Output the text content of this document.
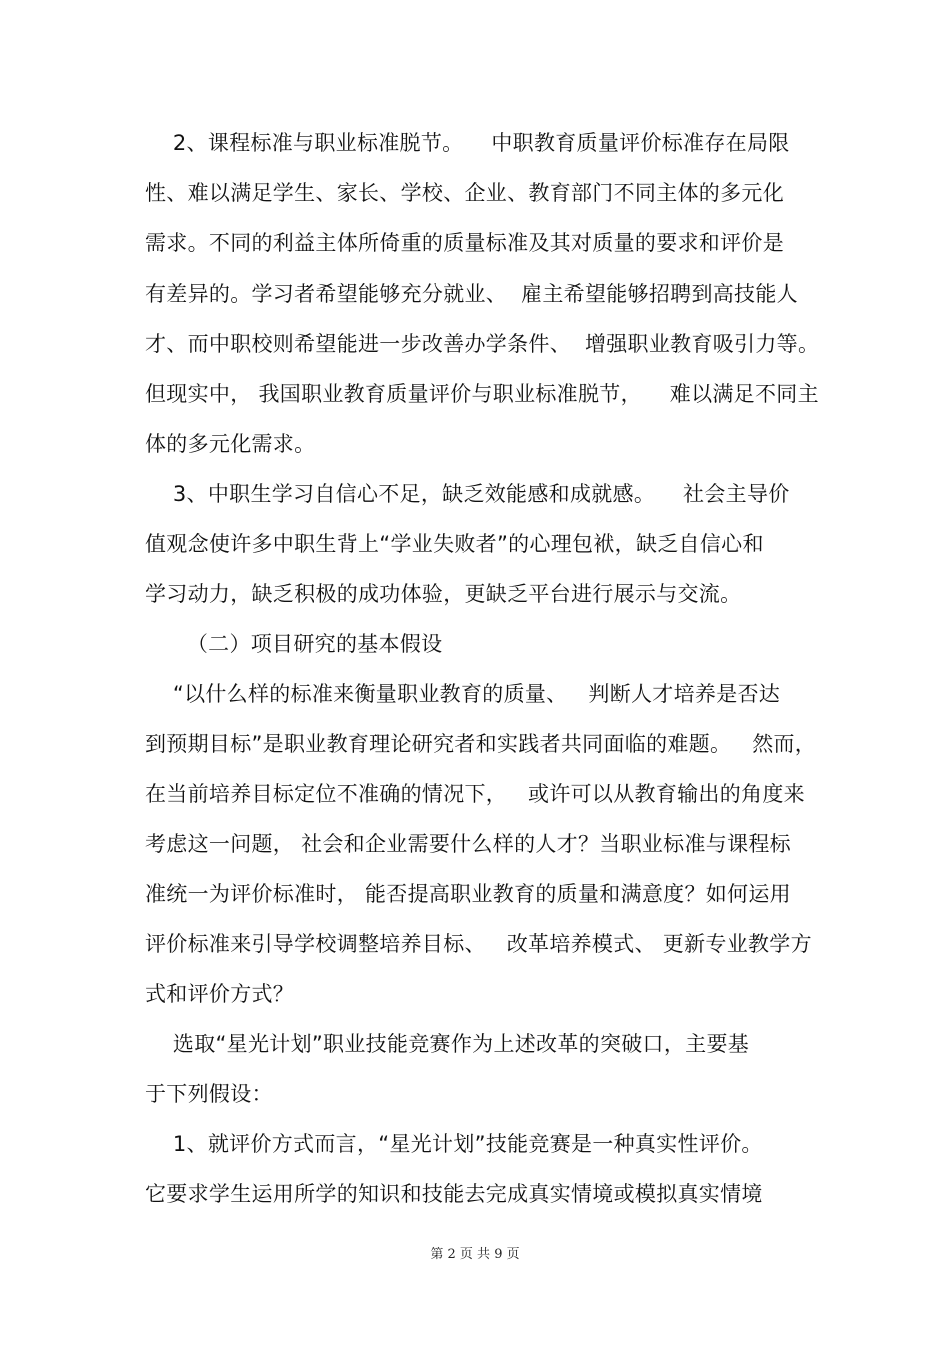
2、课程标准与职业标准脱节。    中职教育质量评价标准存在局限
性、难以满足学生、家长、学校、企业、教育部门不同主体的多元化
需求。不同的利益主体所倚重的质量标准及其对质量的要求和评价是
有差异的。学习者希望能够充分就业、  雇主希望能够招聘到高技能人
才、而中职校则希望能进一步改善办学条件、  增强职业教育吸引力等。
但现实中， 我国职业教育质量评价与职业标准脱节，    难以满足不同主
体的多元化需求。
3、中职生学习自信心不足，缺乏效能感和成就感。    社会主导价
值观念使许多中职生背上“学业失败者”的心理包袱，缺乏自信心和
学习动力，缺乏积极的成功体验，更缺乏平台进行展示与交流。
（二）项目研究的基本假设
“以什么样的标准来衡量职业教育的质量、   判断人才培养是否达
到预期目标”是职业教育理论研究者和实践者共同面临的难题。   然而，
在当前培养目标定位不准确的情况下，   或许可以从教育输出的角度来
考虑这一问题， 社会和企业需要什么样的人才？当职业标准与课程标
准统一为评价标准时， 能否提高职业教育的质量和满意度？如何运用
评价标准来引导学校调整培养目标、   改革培养模式、 更新专业教学方
式和评价方式？
选取“星光计划”职业技能竞赛作为上述改革的突破口，主要基
于下列假设：
1、就评价方式而言，“星光计划”技能竞赛是一种真实性评价。
它要求学生运用所学的知识和技能去完成真实情境或模拟真实情境
第 2 页 共 9 页
